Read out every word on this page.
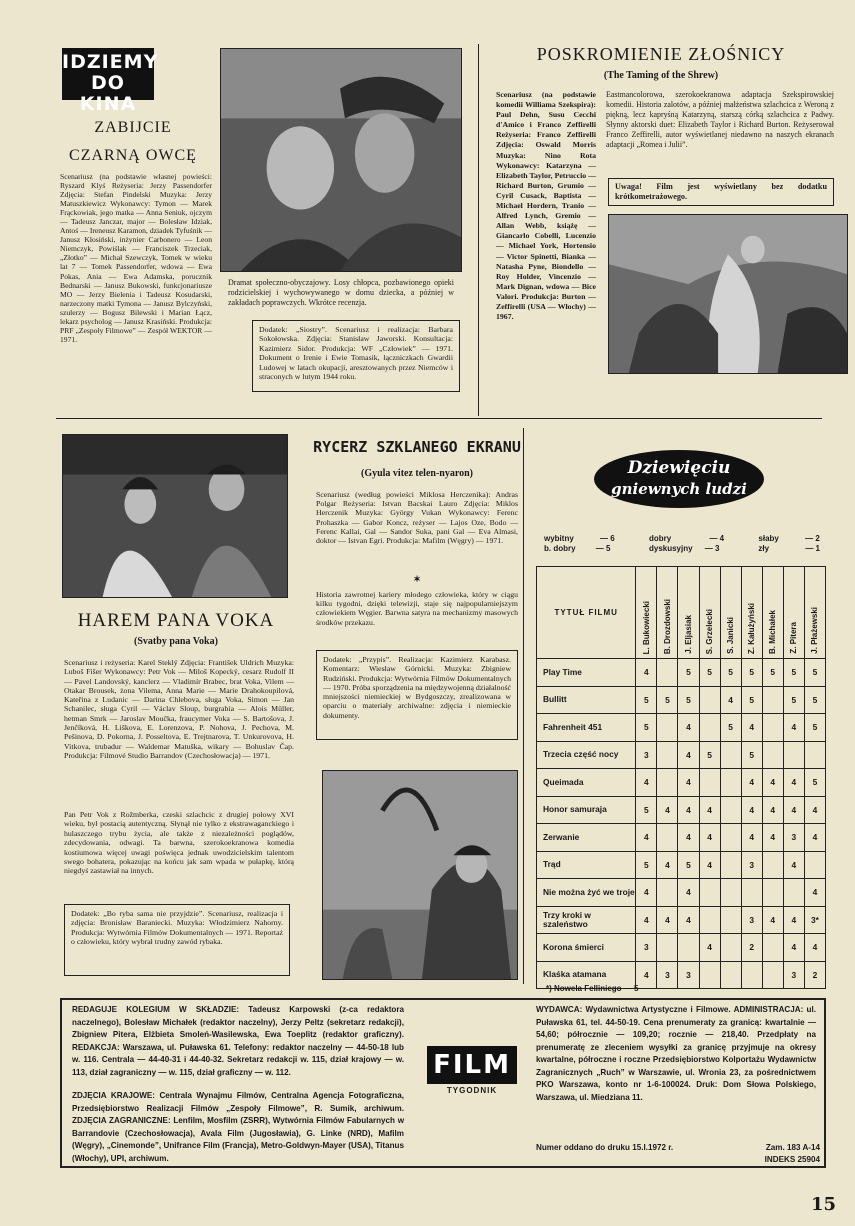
IDZIEMY
DO KINA
ZABIJCIE
CZARNĄ OWCĘ
Scenariusz (na podstawie własnej powieści: Ryszard Klyś Reżyseria: Jerzy Passendorfer Zdjęcia: Stefan Pindelski Muzyka: Jerzy Matuszkiewicz Wykonawcy: Tymon — Marek Frąckowiak, jego matka — Anna Seniuk, ojczym — Tadeusz Janczar, major — Bolesław Idziak, Antoś — Ireneusz Karamon, dziadek Tyfuśnik — Janusz Kłosiński, inżynier Carbonero — Leon Niemczyk, Powiślak — Franciszek Trzeciak, „Złotko” — Michał Szewczyk, Tomek w wieku lat 7 — Tomek Passendorfer, wdowa — Ewa Pokas, Ania — Ewa Adamska, porucznik Bednarski — Janusz Bukowski, funkcjonariusze MO — Jerzy Bielenia i Tadeusz Kosudarski, narzeczony matki Tymona — Janusz Bylczyński, szulerzy — Bogusz Bilewski i Marian Łącz, lekarz psycholog — Janusz Krasiński. Produkcja: PRF „Zespoły Filmowe” — Zespół WEKTOR — 1971.
Dramat społeczno-obyczajowy. Losy chłopca, pozbawionego opieki rodzicielskiej i wychowywanego w domu dziecka, a później w zakładach poprawczych. Wkrótce recenzja.
Dodatek: „Siostry”. Scenariusz i realizacja: Barbara Sokołowska. Zdjęcia: Stanisław Jaworski. Konsultacja: Kazimierz Sidor. Produkcja: WF „Człowiek” — 1971. Dokument o Irenie i Ewie Tomasik, łączniczkach Gwardii Ludowej w latach okupacji, aresztowanych przez Niemców i straconych w lutym 1944 roku.
POSKROMIENIE ZŁOŚNICY
(The Taming of the Shrew)
Scenariusz (na podstawie komedii Williama Szekspira): Paul Dehn, Susu Cecchi d'Amico i Franco Zeffirelli Reżyseria: Franco Zeffirelli Zdjęcia: Oswald Morris Muzyka: Nino Rota Wykonawcy: Katarzyna — Elizabeth Taylor, Petruccio — Richard Burton, Grumio — Cyril Cusack, Baptista — Michael Hordern, Tranio — Alfred Lynch, Gremio — Allan Webb, książę — Giancarlo Cobelli, Lucenzio — Michael York, Hortensio — Victor Spinetti, Bianka — Natasha Pyne, Biondello — Roy Holder, Vincenzio — Mark Dignan, wdowa — Bice Valori. Produkcja: Burton — Zeffirelli (USA — Włochy) — 1967.
Eastmancolorowa, szerokoekranowa adaptacja Szekspirowskiej komedii. Historia zalotów, a później małżeństwa szlachcica z Weroną z piękną, lecz kapryśną Katarzyną, starszą córką szlachcica z Padwy. Słynny aktorski duet: Elizabeth Taylor i Richard Burton. Reżyserował Franco Zeffirelli, autor wyświetlanej niedawno na naszych ekranach adaptacji „Romea i Julii”.
Uwaga! Film jest wyświetlany bez dodatku krótkometrażowego.
HAREM PANA VOKA
(Svatby pana Voka)
Scenariusz i reżyseria: Karel Steklý Zdjęcia: František Uldrich Muzyka: Luboš Fišer Wykonawcy: Petr Vok — Miloš Kopecký, cesarz Rudolf II — Pavel Landovský, kanclerz — Vladimír Brabec, brat Voka, Vilem — Otakar Brousek, żona Vilema, Anna Marie — Marie Drahokoupilová, Kateřina z Ludanic — Darina Chlebova, sługa Voka, Simon — Jan Schanilec, sługa Cyril — Václav Sloup, burgrabia — Alois Müller, hetman Smrk — Jaroslav Moučka, fraucymer Voka — S. Bartošova, J. Jenčíková, H. Liškova, E. Lorenzova, P. Nohova, J. Pechova, M. Pešinova, D. Pokorna, J. Posseltova, E. Trejtnarova, T. Unkurovova, H. Vitkova, trubadur — Waldemar Matuška, wikary — Bohuslav Čap. Produkcja: Filmové Studio Barrandov (Czechosłowacja) — 1971.
Pan Petr Vok z Rožmberka, czeski szlachcic z drugiej połowy XVI wieku, był postacią autentyczną. Słynął nie tylko z ekstrawaganckiego i hulaszczego trybu życia, ale także z niezależności poglądów, zdecydowania, odwagi. Ta barwna, szerokoekranowa komedia kostiumowa więcej uwagi poświęca jednak uwodzicielskim talentom swego bohatera, pokazując na końcu jak sam wpada w pułapkę, którą niegdyś zastawiał na innych.
Dodatek: „Bo ryba sama nie przyjdzie”. Scenariusz, realizacja i zdjęcia: Bronisław Baraniecki. Muzyka: Włodzimierz Nahorny. Produkcja: Wytwórnia Filmów Dokumentalnych — 1971. Reportaż o człowieku, który wybrał trudny zawód rybaka.
RYCERZ SZKLANEGO EKRANU
(Gyula vitez telen-nyaron)
Scenariusz (według powieści Miklosa Herczenika): Andras Polgar Reżyseria: Istvan Bacskai Lauro Zdjęcia: Miklos Herczenik Muzyka: György Vukan Wykonawcy: Ferenc Prohaszka — Gabor Koncz, reżyser — Lajos Oze, Bodo — Ferenc Kallai, Gal — Sandor Suka, pani Gal — Eva Almasi, doktor — Istvan Egri. Produkcja: Mafilm (Węgry) — 1971.
✶
Historia zawrotnej kariery młodego człowieka, który w ciągu kilku tygodni, dzięki telewizji, staje się najpopularniejszym człowiekiem Węgier. Barwna satyra na mechanizmy masowych środków przekazu.
Dodatek: „Przypis”. Realizacja: Kazimierz Karabasz. Komentarz: Wiesław Górnicki. Muzyka: Zbigniew Rudziński. Produkcja: Wytwórnia Filmów Dokumentalnych — 1970. Próba sporządzenia na międzywojenną działalność mniejszości niemieckiej w Bydgoszczy, zrealizowana w oparciu o materiały archiwalne: zdjęcia i niemieckie dokumenty.
Dziewięciu
gniewnych ludzi
wybitny	— 6
b. dobry	— 5
dobry	— 4
dyskusyjny — 3
słaby	— 2
zły	— 1
TYTUŁ FILMU	L. Bukowiecki	B. Drozdowski	J. Eljasiak	S. Grzelecki	S. Janicki	Z. Kałużyński	B. Michałek	Z. Pitera	J. Płażewski

Play Time	4		5	5	5	5	5	5	5
Bullitt	5	5	5		4	5		5	5
Fahrenheit 451	5		4		5	4		4	5
Trzecia część nocy	3		4	5		5			
Queimada	4		4			4	4	4	5
Honor samuraja	5	4	4	4		4	4	4	4
Zerwanie	4		4	4		4	4	3	4
Trąd	5	4	5	4		3		4	
Nie można żyć we troje	4		4						4
Trzy kroki w szaleństwo	4	4	4			3	4	4	3*
Korona śmierci	3			4		2		4	4
Klaśka atamana	4	3	3					3	2
*) Nowela Felliniego — 5
REDAGUJE KOLEGIUM W SKŁADZIE: Tadeusz Karpowski (z-ca redaktora naczelnego), Bolesław Michałek (redaktor naczelny), Jerzy Peltz (sekretarz redakcji), Zbigniew Pitera, Elżbieta Smoleń-Wasilewska, Ewa Toeplitz (redaktor graficzny). REDAKCJA: Warszawa, ul. Puławska 61. Telefony: redaktor naczelny — 44-50-18 lub w. 116. Centrala — 44-40-31 i 44-40-32. Sekretarz redakcji w. 115, dział krajowy — w. 113, dział zagraniczny — w. 115, dział graficzny — w. 112.
ZDJĘCIA KRAJOWE: Centrala Wynajmu Filmów, Centralna Agencja Fotograficzna, Przedsiębiorstwo Realizacji Filmów „Zespoły Filmowe”, R. Sumik, archiwum. ZDJĘCIA ZAGRANICZNE: Lenfilm, Mosfilm (ZSRR), Wytwórnia Filmów Fabularnych w Barrandovie (Czechosłowacja), Avala Film (Jugosławia), G. Linke (NRD), Mafilm (Węgry), „Cinemonde”, Unifrance Film (Francja), Metro-Goldwyn-Mayer (USA), Titanus (Włochy), UPI, archiwum.
FILM
TYGODNIK
WYDAWCA: Wydawnictwa Artystyczne i Filmowe. ADMINISTRACJA: ul. Puławska 61, tel. 44-50-19. Cena prenumeraty za granicą: kwartalnie — 54,60; półrocznie — 109,20; rocznie — 218,40. Przedpłaty na prenumeratę ze zleceniem wysyłki za granicę przyjmuje na okresy kwartalne, półroczne i roczne Przedsiębiorstwo Kolportażu Wydawnictw Zagranicznych „Ruch” w Warszawie, ul. Wronia 23, za pośrednictwem PKO Warszawa, konto nr 1-6-100024. Druk: Dom Słowa Polskiego, Warszawa, ul. Miedziana 11.
Numer oddano do druku 15.I.1972 r.	Zam. 183 A-14
INDEKS 25904
15
